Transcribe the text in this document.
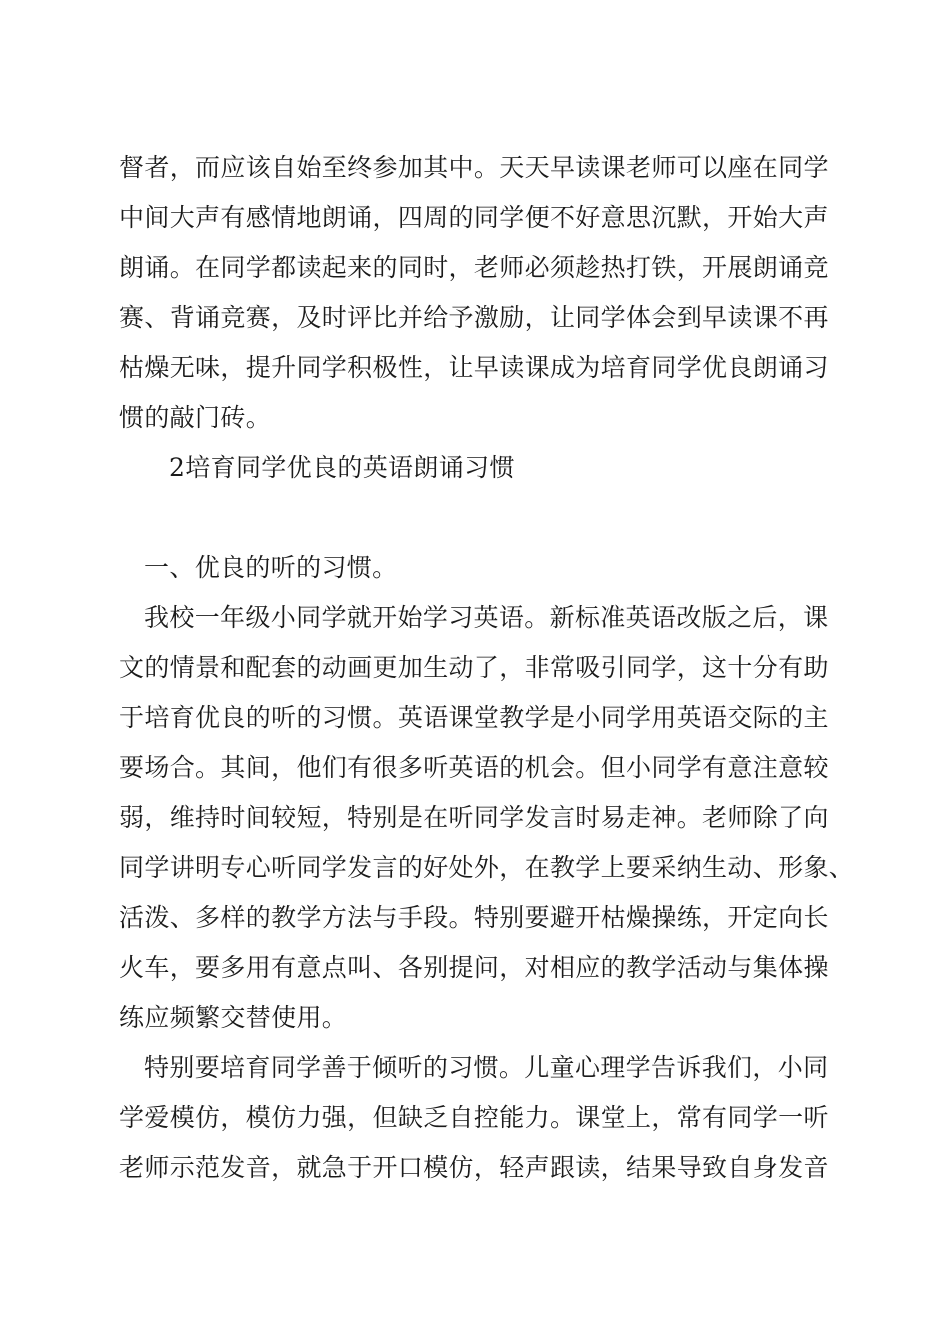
督者，而应该自始至终参加其中。天天早读课老师可以座在同学
中间大声有感情地朗诵，四周的同学便不好意思沉默，开始大声
朗诵。在同学都读起来的同时，老师必须趁热打铁，开展朗诵竞
赛、背诵竞赛，及时评比并给予激励，让同学体会到早读课不再
枯燥无味，提升同学积极性，让早读课成为培育同学优良朗诵习
惯的敲门砖。
2培育同学优良的英语朗诵习惯
一、优良的听的习惯。
我校一年级小同学就开始学习英语。新标准英语改版之后，课
文的情景和配套的动画更加生动了，非常吸引同学，这十分有助
于培育优良的听的习惯。英语课堂教学是小同学用英语交际的主
要场合。其间，他们有很多听英语的机会。但小同学有意注意较
弱，维持时间较短，特别是在听同学发言时易走神。老师除了向
同学讲明专心听同学发言的好处外，在教学上要采纳生动、形象、
活泼、多样的教学方法与手段。特别要避开枯燥操练，开定向长
火车，要多用有意点叫、各别提问，对相应的教学活动与集体操
练应频繁交替使用。
特别要培育同学善于倾听的习惯。儿童心理学告诉我们，小同
学爱模仿，模仿力强，但缺乏自控能力。课堂上，常有同学一听
老师示范发音，就急于开口模仿，轻声跟读，结果导致自身发音
